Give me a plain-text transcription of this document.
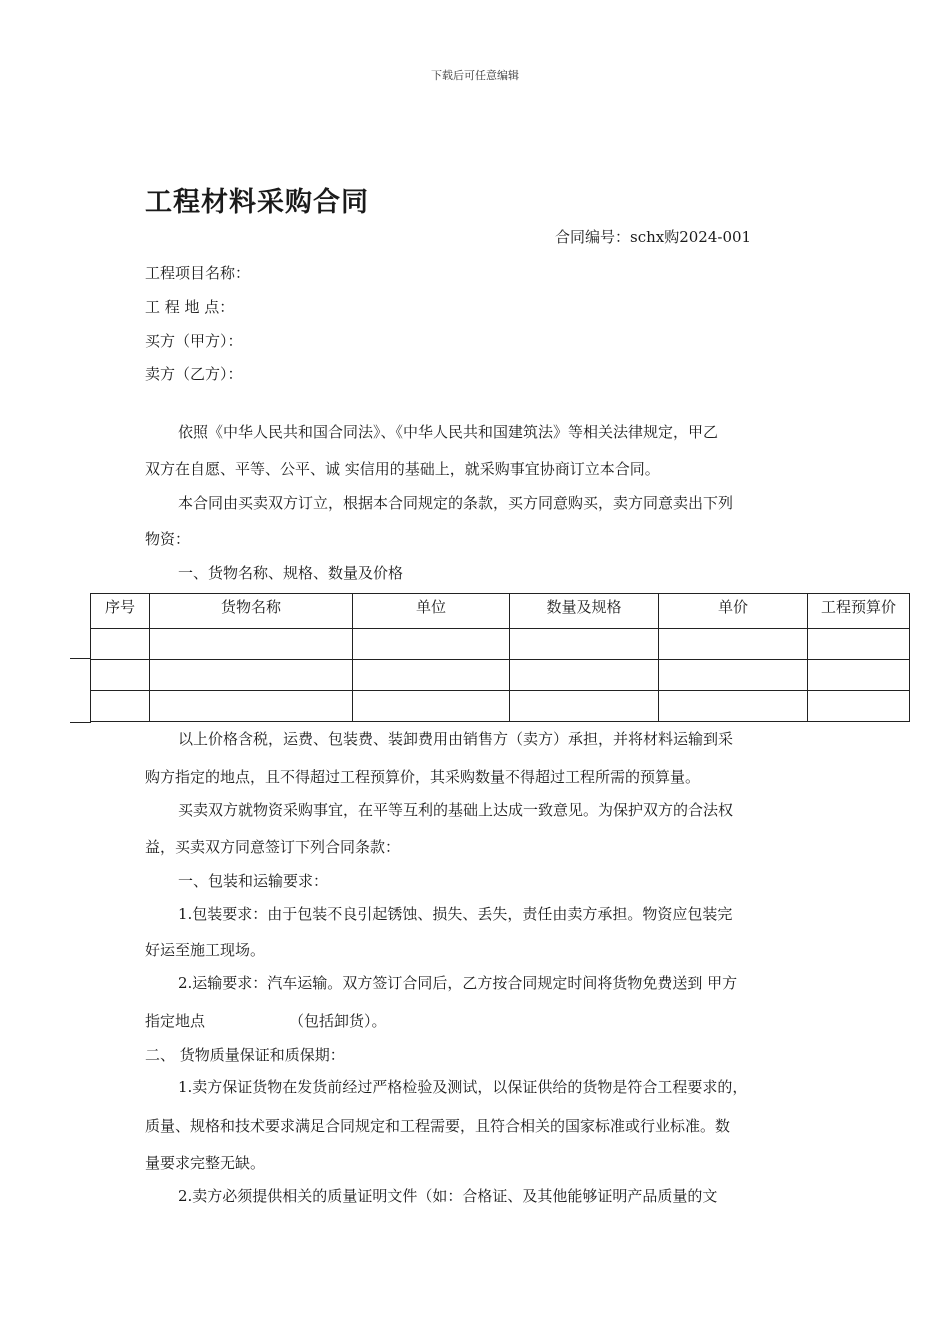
下载后可任意编辑
工程材料采购合同
合同编号：schx购2024-001
工程项目名称：
工 程 地 点：
买方（甲方）：
卖方（乙方）：
依照《中华人民共和国合同法》、《中华人民共和国建筑法》等相关法律规定，甲乙
双方在自愿、平等、公平、诚 实信用的基础上，就采购事宜协商订立本合同。
本合同由买卖双方订立，根据本合同规定的条款，买方同意购买，卖方同意卖出下列
物资：
一、货物名称、规格、数量及价格
序号	货物名称	单位	数量及规格	单价	工程预算价

以上价格含税，运费、包装费、装卸费用由销售方（卖方）承担，并将材料运输到采
购方指定的地点，且不得超过工程预算价，其采购数量不得超过工程所需的预算量。
买卖双方就物资采购事宜，在平等互利的基础上达成一致意见。为保护双方的合法权
益，买卖双方同意签订下列合同条款：
一、包装和运输要求：
1.包装要求：由于包装不良引起锈蚀、损失、丢失，责任由卖方承担。物资应包装完
好运至施工现场。
2.运输要求：汽车运输。双方签订合同后，乙方按合同规定时间将货物免费送到 甲方
指定地点	（包括卸货）。
二、 货物质量保证和质保期：
1.卖方保证货物在发货前经过严格检验及测试，以保证供给的货物是符合工程要求的，
质量、规格和技术要求满足合同规定和工程需要，且符合相关的国家标准或行业标准。数
量要求完整无缺。
2.卖方必须提供相关的质量证明文件（如：合格证、及其他能够证明产品质量的文
